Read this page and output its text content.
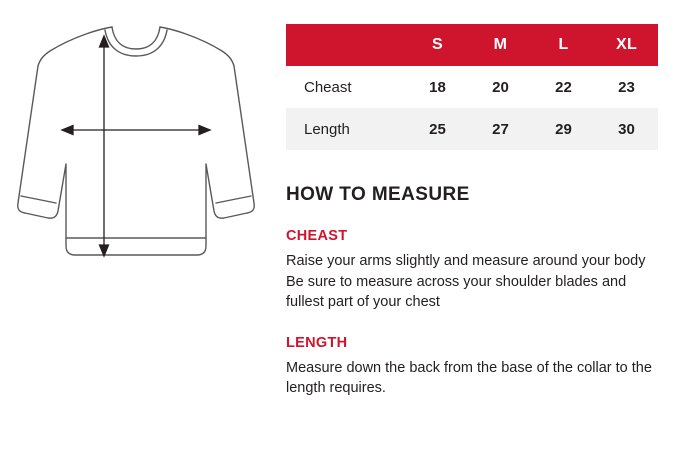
	S	M	L	XL
Cheast	18	20	22	23
Length	25	27	29	30
HOW TO MEASURE
CHEAST
Raise your arms slightly and measure around your body Be sure to measure across your shoulder blades and fullest part of your chest
LENGTH
Measure down the back from the base of the collar to the length requires.
